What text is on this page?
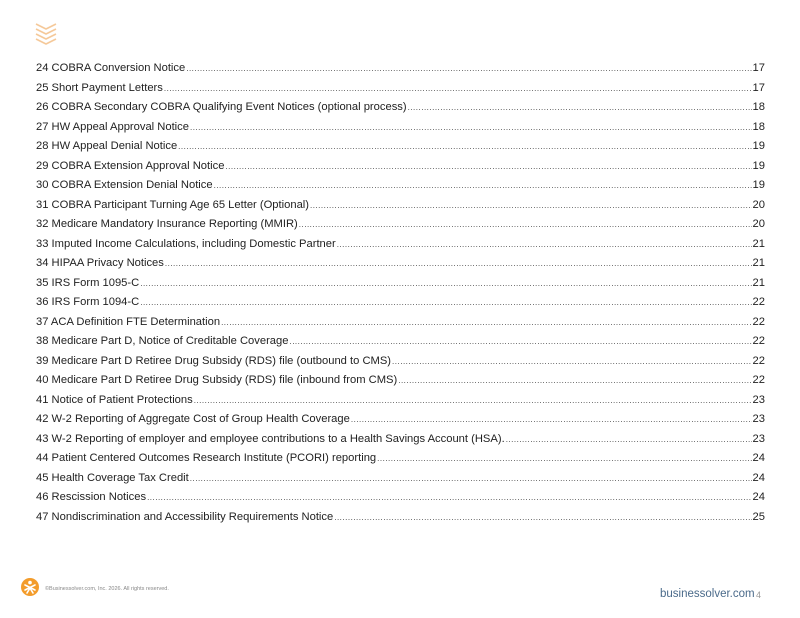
24 COBRA Conversion Notice .....	17
25 Short Payment Letters .....	17
26 COBRA Secondary COBRA Qualifying Event Notices (optional process) .....	18
27 HW Appeal Approval Notice .....	18
28 HW Appeal Denial Notice .....	19
29 COBRA Extension Approval Notice .....	19
30 COBRA Extension Denial Notice .....	19
31 COBRA Participant Turning Age 65 Letter (Optional) .....	20
32 Medicare Mandatory Insurance Reporting (MMIR) .....	20
33 Imputed Income Calculations, including Domestic Partner .....	21
34 HIPAA Privacy Notices .....	21
35 IRS Form 1095-C .....	21
36 IRS Form 1094-C .....	22
37 ACA Definition FTE Determination .....	22
38 Medicare Part D, Notice of Creditable Coverage .....	22
39 Medicare Part D Retiree Drug Subsidy (RDS) file (outbound to CMS) .....	22
40 Medicare Part D Retiree Drug Subsidy (RDS) file (inbound from CMS) .....	22
41 Notice of Patient Protections .....	23
42 W-2 Reporting of Aggregate Cost of Group Health Coverage .....	23
43 W-2 Reporting of employer and employee contributions to a Health Savings Account (HSA). .....	23
44 Patient Centered Outcomes Research Institute (PCORI) reporting .....	24
45 Health Coverage Tax Credit .....	24
46 Rescission Notices .....	24
47 Nondiscrimination and Accessibility Requirements Notice .....	25
©Businessolver.com, Inc. 2026. All rights reserved.	businessolver.com 4
